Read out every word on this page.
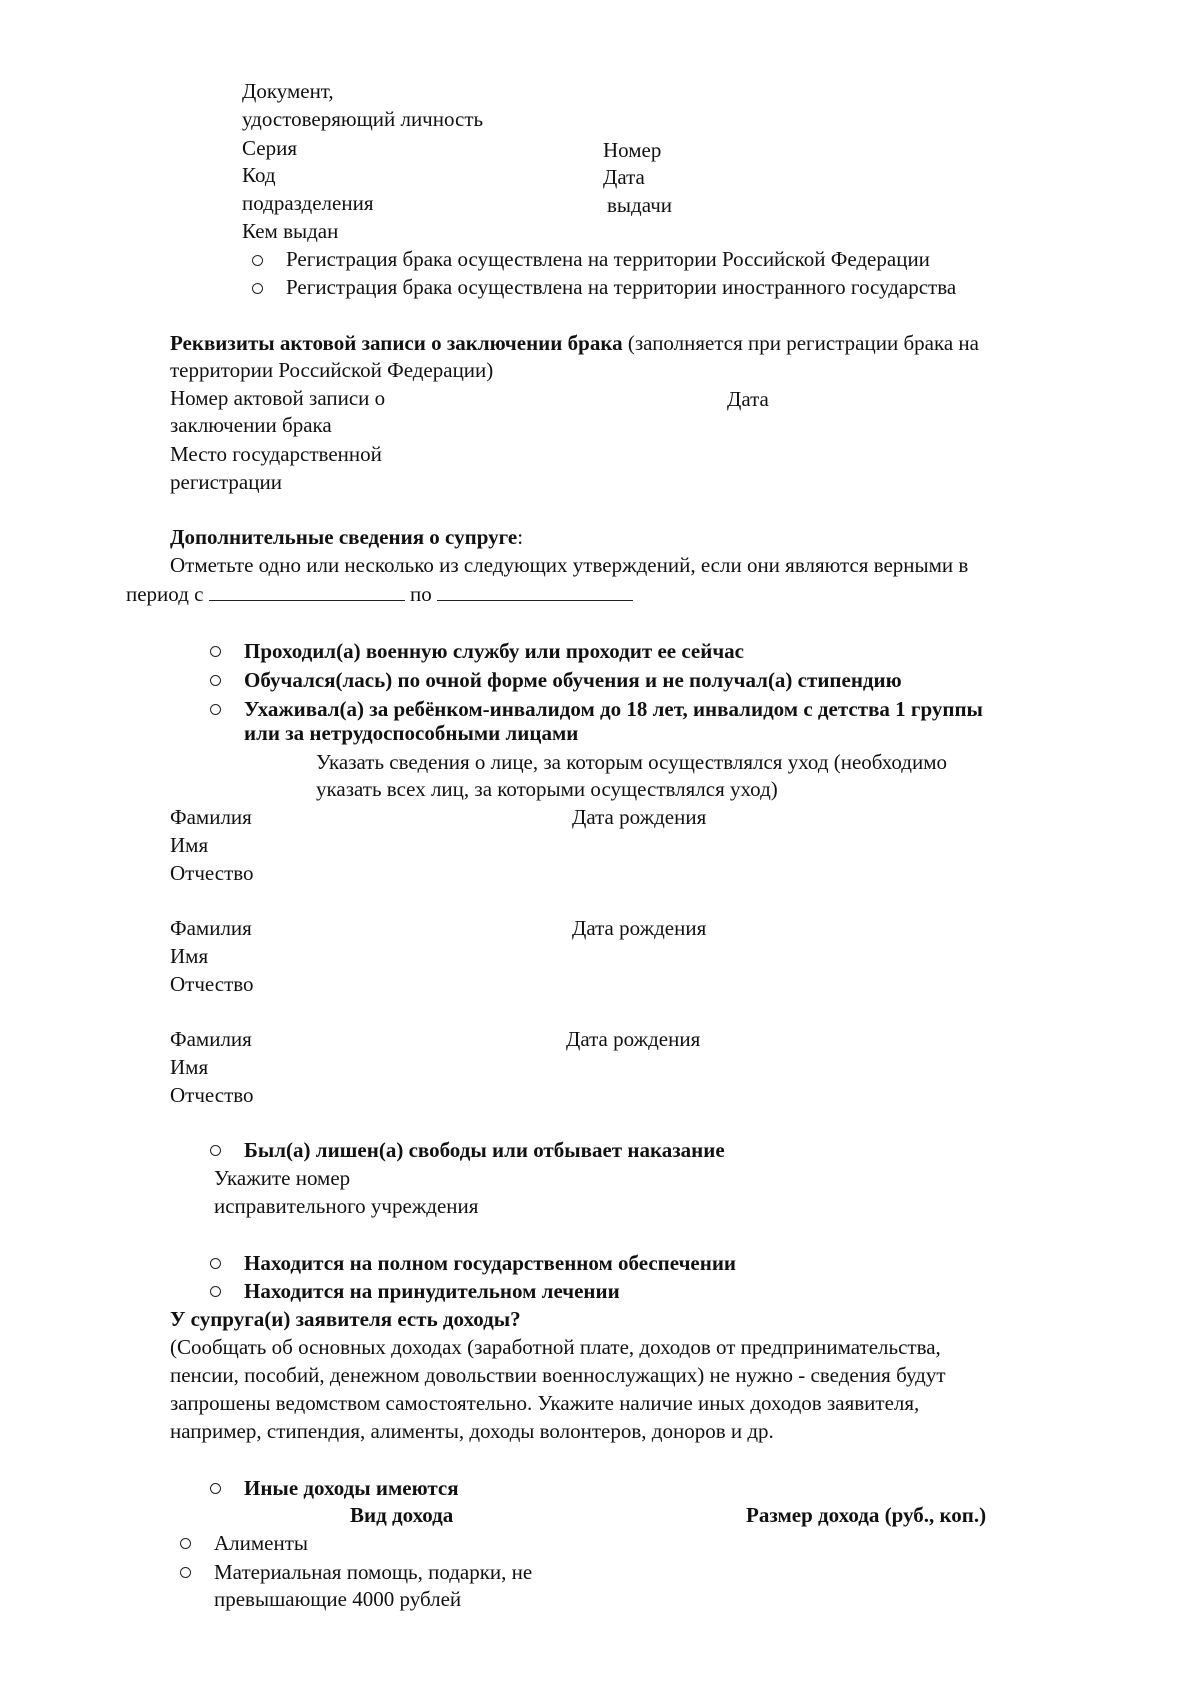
Документ,
удостоверяющий личность
Серия	Номер
Код	Дата
подразделения	выдачи
Кем выдан
Регистрация брака осуществлена на территории Российской Федерации
Регистрация брака осуществлена на территории иностранного государства
Реквизиты актовой записи о заключении брака (заполняется при регистрации брака на
территории Российской Федерации)
Номер актовой записи о	Дата
заключении брака
Место государственной
регистрации
Дополнительные сведения о супруге:
Отметьте одно или несколько из следующих утверждений, если они являются верными в
период с	по
Проходил(а) военную службу или проходит ее сейчас
Обучался(лась) по очной форме обучения и не получал(а) стипендию
Ухаживал(а) за ребёнком-инвалидом до 18 лет, инвалидом с детства 1 группы
или за нетрудоспособными лицами
Указать сведения о лице, за которым осуществлялся уход (необходимо
указать всех лиц, за которыми осуществлялся уход)
Фамилия	Дата рождения
Имя
Отчество
Фамилия	Дата рождения
Имя
Отчество
Фамилия	Дата рождения
Имя
Отчество
Был(а) лишен(а) свободы или отбывает наказание
Укажите номер
исправительного учреждения
Находится на полном государственном обеспечении
Находится на принудительном лечении
У супруга(и) заявителя есть доходы?
(Сообщать об основных доходах (заработной плате, доходов от предпринимательства,
пенсии, пособий, денежном довольствии военнослужащих) не нужно - сведения будут
запрошены ведомством самостоятельно. Укажите наличие иных доходов заявителя,
например, стипендия, алименты, доходы волонтеров, доноров и др.
Иные доходы имеются
Вид дохода	Размер дохода (руб., коп.)
Алименты
Материальная помощь, подарки, не
превышающие 4000 рублей
